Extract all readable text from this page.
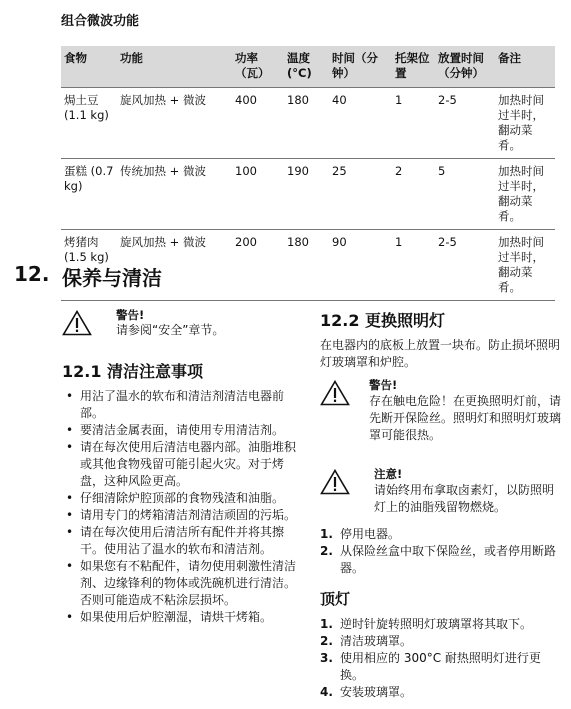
组合微波功能
食物	功能	功率（瓦）	温度(°C)	时间（分钟）	托架位置	放置时间（分钟）	备注
焗土豆 (1.1 kg)	旋风加热 + 微波	400	180	40	1	2-5	加热时间过半时，翻动菜肴。
蛋糕 (0.7 kg)	传统加热 + 微波	100	190	25	2	5	加热时间过半时，翻动菜肴。
烤猪肉 (1.5 kg)	旋风加热 + 微波	200	180	90	1	2-5	加热时间过半时，翻动菜肴。
12. 保养与清洁
警告!
请参阅“安全”章节。
12.1 清洁注意事项
• 用沾了温水的软布和清洁剂清洁电器前部。
• 要清洁金属表面，请使用专用清洁剂。
• 请在每次使用后清洁电器内部。油脂堆积或其他食物残留可能引起火灾。对于烤盘，这种风险更高。
• 仔细清除炉腔顶部的食物残渣和油脂。
• 请用专门的烤箱清洁剂清洁顽固的污垢。
• 请在每次使用后清洁所有配件并将其擦干。使用沾了温水的软布和清洁剂。
• 如果您有不粘配件，请勿使用刺激性清洁剂、边缘锋利的物体或洗碗机进行清洁。否则可能造成不粘涂层损坏。
• 如果使用后炉腔潮湿，请烘干烤箱。
12.2 更换照明灯
在电器内的底板上放置一块布。防止损坏照明灯玻璃罩和炉腔。
警告!
存在触电危险！在更换照明灯前，请先断开保险丝。照明灯和照明灯玻璃罩可能很热。
注意!
请始终用布拿取卤素灯，以防照明灯上的油脂残留物燃烧。
1. 停用电器。
2. 从保险丝盒中取下保险丝，或者停用断路器。
顶灯
1. 逆时针旋转照明灯玻璃罩将其取下。
2. 清洁玻璃罩。
3. 使用相应的 300°C 耐热照明灯进行更换。
4. 安装玻璃罩。
